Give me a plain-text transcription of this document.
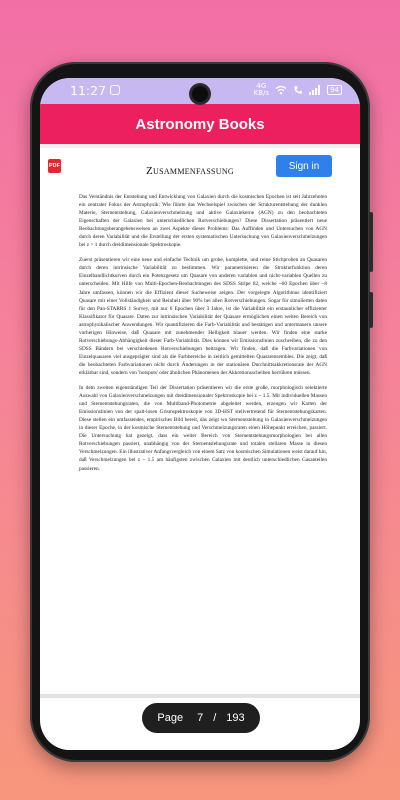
11:27	4G
KB/s	94
Astronomy Books
PDF	Sign in
Zusammenfassung

Das Verständnis der Entstehung und Entwicklung von Galaxien durch die kosmischen Epochen ist seit Jahrzehnten ein zentraler Fokus der Astrophysik: Wie führte das Wechselspiel zwischen der Strukturentstehung der dunklen Materie, Sternentstehung, Galaxienverschmelzung und aktive Galaxiekerne (AGN) zu den beobachteten Eigenschaften der Galaxien bei unterschiedlichen Rotverschiebungen? Diese Dissertation präsentiert neue Beobachtungsherangehensweisen an zwei Aspekte dieses Problems: Das Auffinden und Untersuchen von AGN durch deren Variabilität und die Erstellung der ersten systematischen Untersuchung von Galaxienverschmelzungen bei z > 1 durch dreidimensionale Spektroskopie.

Zuerst präsentieren wir eine neue und einfache Technik um grobe, komplette, und reine Stichproben an Quasaren durch deren intrinsische Variabilität zu bestimmen. Wir parametrisieren die Strukturfunktion deren Einzelbandlichtkurven durch ein Potenzgesetz um Quasare von anderen variablen und nicht-variablen Quellen zu unterscheiden. Mit Hilfe von Multi-Epochen-Beobachtungen des SDSS Stripe 82, welche ~60 Epochen über ~8 Jahre umfassen, können wir die Effizient dieser Sucheweise zeigen. Der vorgelegte Algorithmus identifiziert Quasare mit einer Vollständigkeit und Reinheit über 90% bei allen Rotverschiebungen. Sogar für simulierten daten für den Pan-STARRS 1 Survey, mit nur 6 Epochen über 3 Jahre, ist die Variabilität ein erstaunlicher effizienter Klassifikator für Quasare. Daten zur intrinsischen Variabilität der Quasare ermöglichen einen weiten Bereich von astrophysikalischer Anwendungen. Wir quantifizieren die Farb-Variabilität und bestätigen und untermauern unsere vorherigen Hinweise, daß Quasare mit zunehmender Helligkeit blauer werden. Wir finden eine starke Rotverschiebungs-Abhängigkeit dieser Farb-Variabilität. Dies können wir Emissionslinien zuschreiben, die zu den SDSS Bändern bei verschiedenen Rotverschiebungen beitragen. Wir finden, daß die Farbvariationen von Einzelquasaren viel ausgeprägter sind als die Farbbereiche in zeitlich gemittelten Quasarensembles. Die zeigt, daß die beobachteten Farbvariationen nicht durch Änderungen in der stationären Durchnittsakkretionsrate der AGN erklärbar sind, sondern von 'hotspots' oder ähnlichen Phänomenen der Akkretionsscheiben herrühren müssen.

In dem zweiten eigenständigen Teil der Dissertation präsentieren wir die erste große, morphologisch selektierte Auswahl von Galaxienverschmelzungen mit dreidimensionaler Spektroskopie bei z ~ 1.5. Mit individuellen Massen und Sternentstehungsraten, die von Multiband-Photometrie abgeleitet werden, erzeugen wir Karten der Emissionslinien von der spalt-losen Grismspektroskopie von 3D-HST stellvertretend für Sternentstehungskarten. Diese stellen ein umfassendes, empirisches Bild bereit, das zeigt wo Sternentstehung in Galaxienverschmelzungen in dieser Epoche, in der kosmische Sternentstehung und Verschmelzungsraten einen Höhepunkt erreichen, passiert. Die Untersuchung hat gezeigt, dass ein weiter Bereich von Sternentstehungsmorphologien bei allen Rotverschiebungen passiert, unabhängig von der Sternentstehungsrate und totalen stellaren Masse in diesen Verschmelzungen. Ein illustrativer Anfangsvergleich von einem Satz von kosmischen Simulationen weist darauf hin, daß Verschmelzungen bei z ~ 1.5 am häufigsten zwischen Galaxien mit deutlich unterschiedlichen Gasanteilen passieren.

Page 7 / 193
